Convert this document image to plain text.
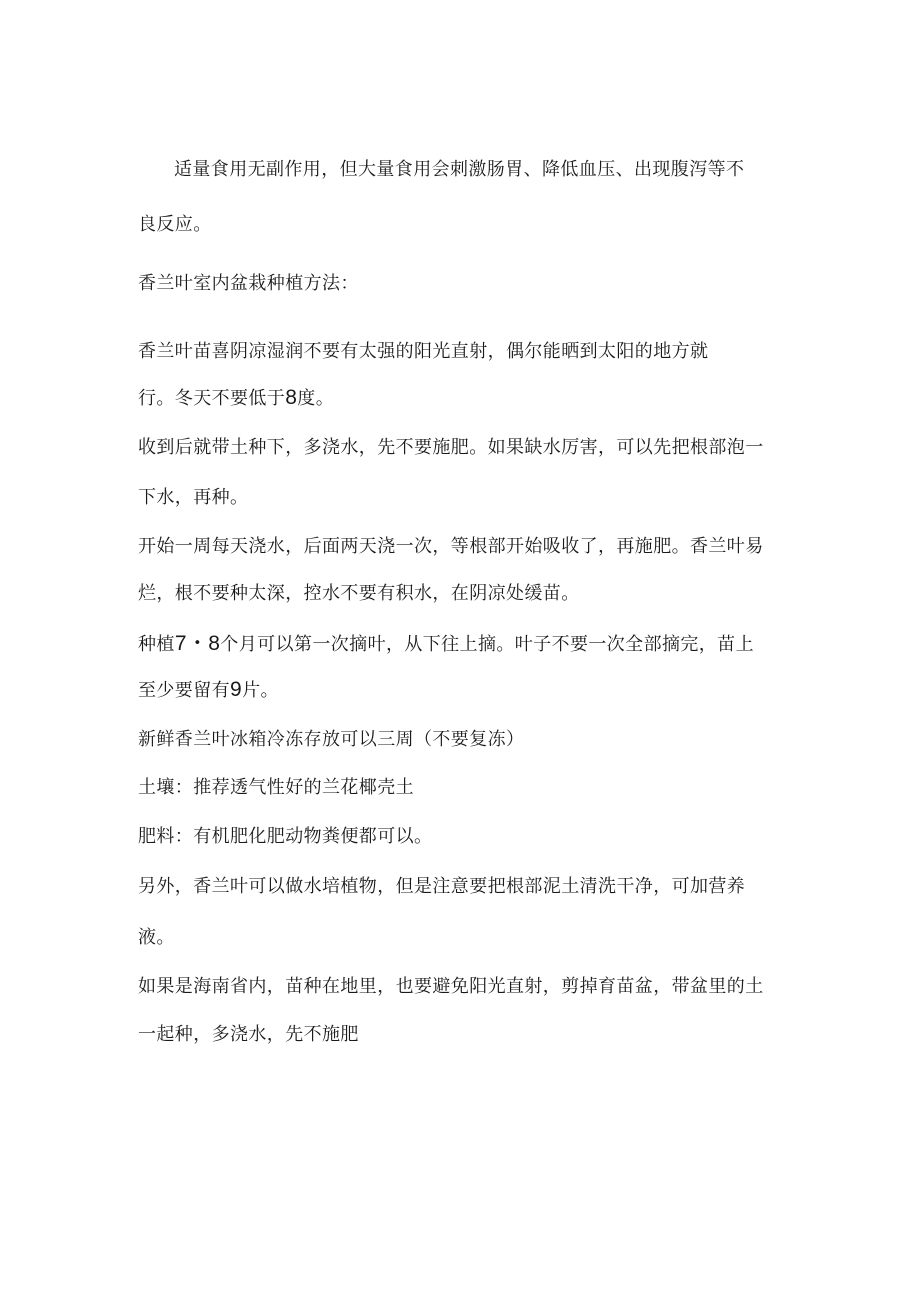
适量食用无副作用，但大量食用会刺激肠胃、降低血压、出现腹泻等不

良反应。

香兰叶室内盆栽种植方法：

香兰叶苗喜阴凉湿润不要有太强的阳光直射，偶尔能晒到太阳的地方就

行。冬天不要低于8度。

收到后就带土种下，多浇水，先不要施肥。如果缺水厉害，可以先把根部泡一

下水，再种。

开始一周每天浇水，后面两天浇一次，等根部开始吸收了，再施肥。香兰叶易

烂，根不要种太深，控水不要有积水，在阴凉处缓苗。

种植7・8个月可以第一次摘叶，从下往上摘。叶子不要一次全部摘完，苗上

至少要留有9片。

新鲜香兰叶冰箱冷冻存放可以三周（不要复冻）

土壤：推荐透气性好的兰花椰壳土

肥料：有机肥化肥动物粪便都可以。

另外，香兰叶可以做水培植物，但是注意要把根部泥土清洗干净，可加营养

液。

如果是海南省内，苗种在地里，也要避免阳光直射，剪掉育苗盆，带盆里的土

一起种，多浇水，先不施肥
